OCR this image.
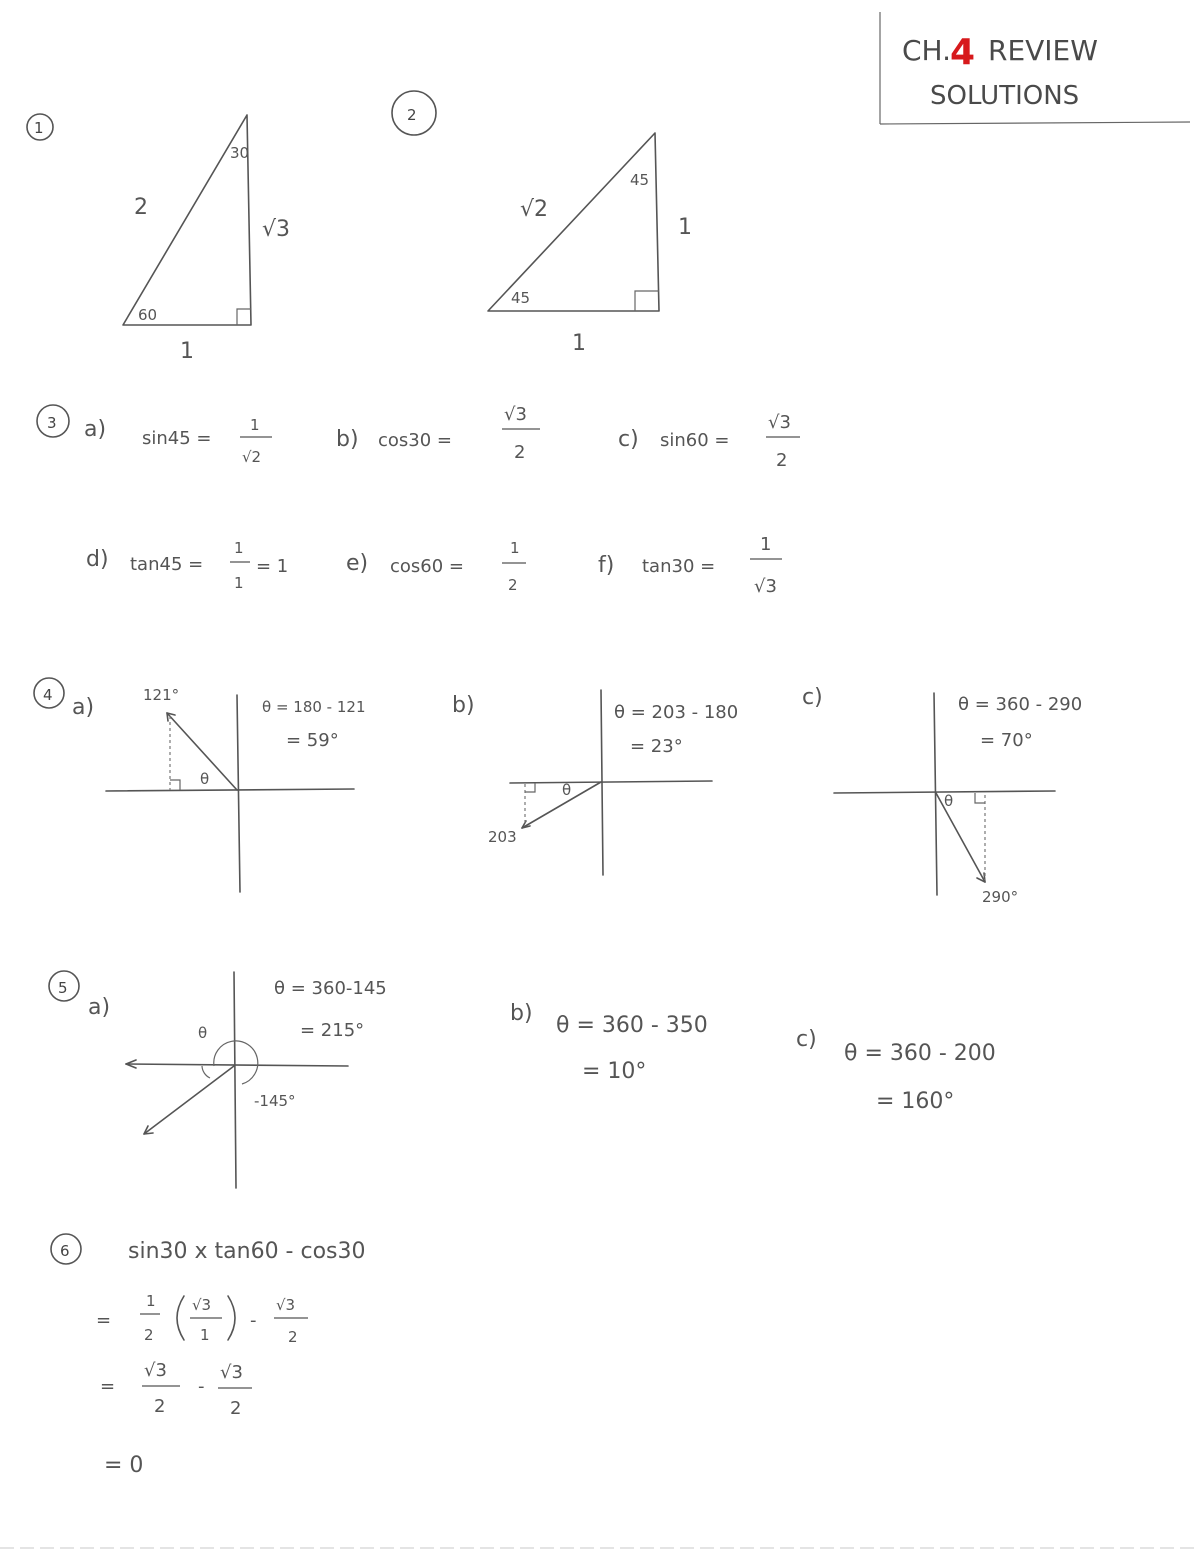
CH.
4 REVIEW
SOLUTIONS
1
2
√3
1
30
60
2
√2
1
1
45
45
3 a) sin45 =
1
√2
b) cos30 =
√3
2
c) sin60 =
√3
2
d) tan45 =
1
1
= 1	e) cos60 =
1
2
f) tan30 =
1
√3
4 a)	121°
θ
θ = 180 - 121
= 59°
b)
203
θ
θ = 203 - 180
= 23°
c)
290°
θ
θ = 360 - 290
= 70°
5
a)
θ
-145°
θ = 360-145
= 215°
b) θ = 360 - 350
= 10°
c)
θ = 360 - 200
= 160°
6	sin30 x tan60 - cos30
=
1
2
√3
1
-
√3
2
=
√3
2
-
√3
2
= 0
